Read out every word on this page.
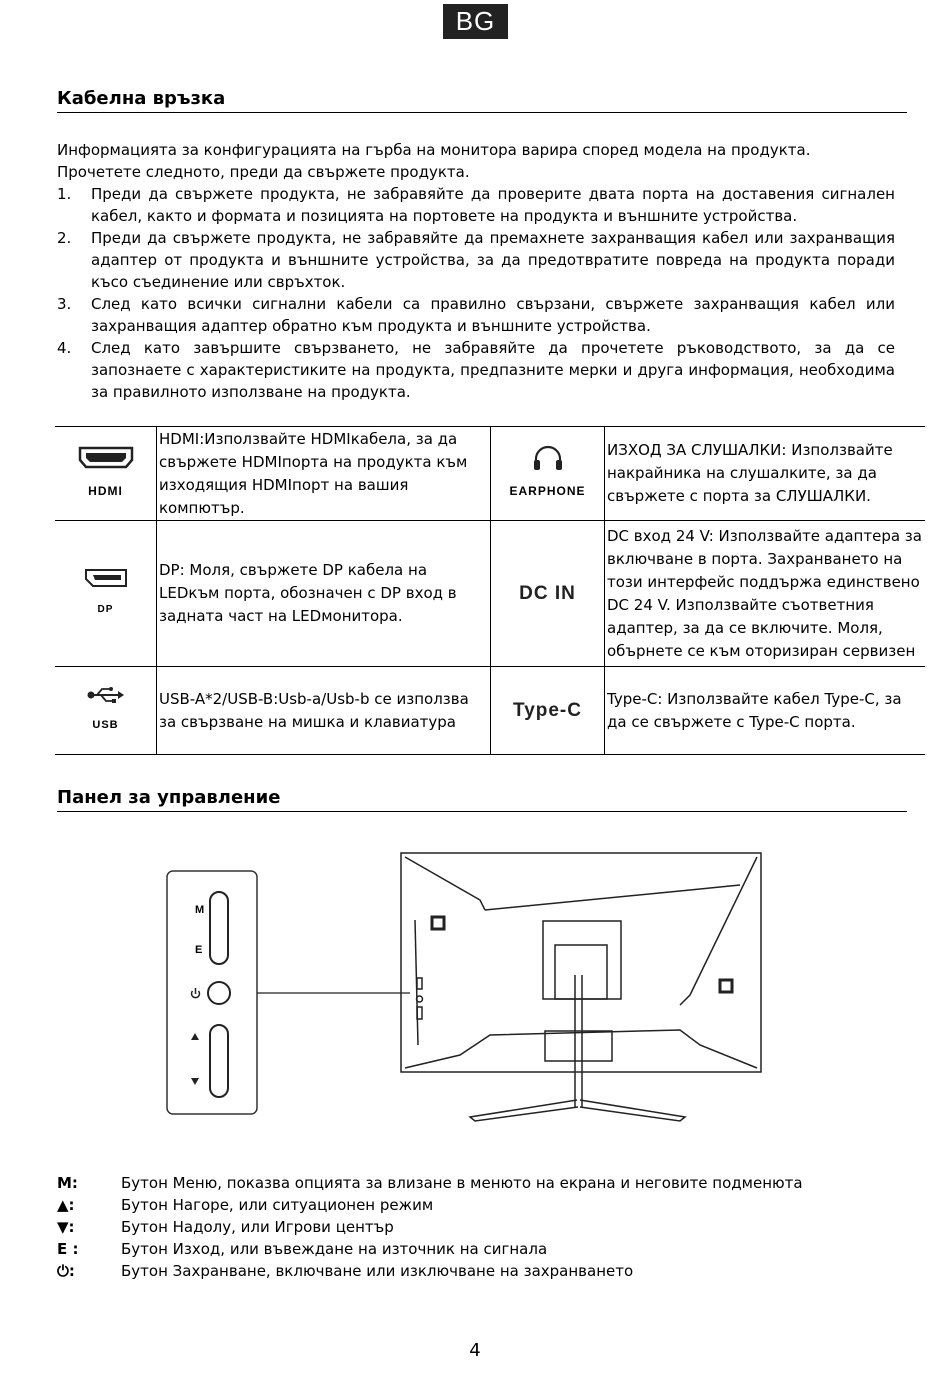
BG
Кабелна връзка

Информацията за конфигурацията на гърба на монитора варира според модела на продукта.

Прочетете следното, преди да свържете продукта.

1. Преди да свържете продукта, не забравяйте да проверите двата порта на доставения сигнален кабел, както и формата и позицията на портовете на продукта и външните устройства.
2. Преди да свържете продукта, не забравяйте да премахнете захранващия кабел или захранващия адаптер от продукта и външните устройства, за да предотвратите повреда на продукта поради късо съединение или свръхток.
3. След като всички сигнални кабели са правилно свързани, свържете захранващия кабел или захранващия адаптер обратно към продукта и външните устройства.
4. След като завършите свързването, не забравяйте да прочетете ръководството, за да се запознаете с характеристиките на продукта, предпазните мерки и друга информация, необходима за правилното използване на продукта.

HDMI	HDMI:Използвайте HDMIкабела, за да свържете HDMIпорта на продукта към изходящия HDMIпорт на вашия компютър.	EARPHONE	ИЗХОД ЗА СЛУШАЛКИ: Използвайте накрайника на слушалките, за да свържете с порта за СЛУШАЛКИ.

DP	DP: Моля, свържете DP кабела на LEDкъм порта, обозначен с DP вход в задната част на LEDмонитора.	DC IN	DC вход 24 V: Използвайте адаптера за включване в порта. Захранването на този интерфейс поддържа единствено DC 24 V. Използвайте съответния адаптер, за да се включите. Моля, обърнете се към оторизиран сервизен

USB	USB-A*2/USB-B:Usb-a/Usb-b се използва за свързване на мишка и клавиатура	Type-C	Type-C: Използвайте кабел Type-C, за да се свържете с Type-C порта.
Панел за управление
M
E
M:	Бутон Меню, показва опцията за влизане в менюто на екрана и неговите подменюта
▲:	Бутон Нагоре, или ситуационен режим
▼:	Бутон Надолу, или Игрови център
E :	Бутон Изход, или въвеждане на източник на сигнала
⏻:	Бутон Захранване, включване или изключване на захранването
4
